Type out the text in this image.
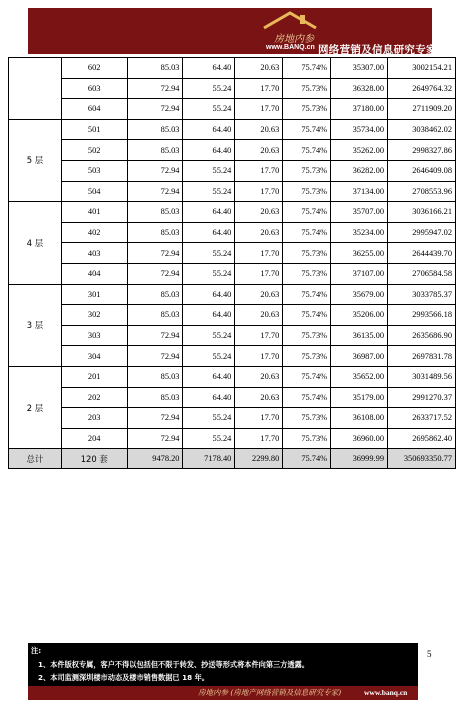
房地内参
www.BANQ.cn 网络营销及信息研究专家
	602	85.03	64.40	20.63	75.74%	35307.00	3002154.21
	603	72.94	55.24	17.70	75.73%	36328.00	2649764.32
	604	72.94	55.24	17.70	75.73%	37180.00	2711909.20
5 层	501	85.03	64.40	20.63	75.74%	35734.00	3038462.02
	502	85.03	64.40	20.63	75.74%	35262.00	2998327.86
	503	72.94	55.24	17.70	75.73%	36282.00	2646409.08
	504	72.94	55.24	17.70	75.73%	37134.00	2708553.96
4 层	401	85.03	64.40	20.63	75.74%	35707.00	3036166.21
	402	85.03	64.40	20.63	75.74%	35234.00	2995947.02
	403	72.94	55.24	17.70	75.73%	36255.00	2644439.70
	404	72.94	55.24	17.70	75.73%	37107.00	2706584.58
3 层	301	85.03	64.40	20.63	75.74%	35679.00	3033785.37
	302	85.03	64.40	20.63	75.74%	35206.00	2993566.18
	303	72.94	55.24	17.70	75.73%	36135.00	2635686.90
	304	72.94	55.24	17.70	75.73%	36987.00	2697831.78
2 层	201	85.03	64.40	20.63	75.74%	35652.00	3031489.56
	202	85.03	64.40	20.63	75.74%	35179.00	2991270.37
	203	72.94	55.24	17.70	75.73%	36108.00	2633717.52
	204	72.94	55.24	17.70	75.73%	36960.00	2695862.40
总计	120 套	9478.20	7178.40	2299.80	75.74%	36999.99	350693350.77
5
注:
1、本件版权专属，客户不得以包括但不限于转发、抄送等形式将本件向第三方透露。
2、本司监测深圳楼市动态及楼市销售数据已 18 年。
房地内参 (房地产网络营销及信息研究专家)	www.banq.cn
